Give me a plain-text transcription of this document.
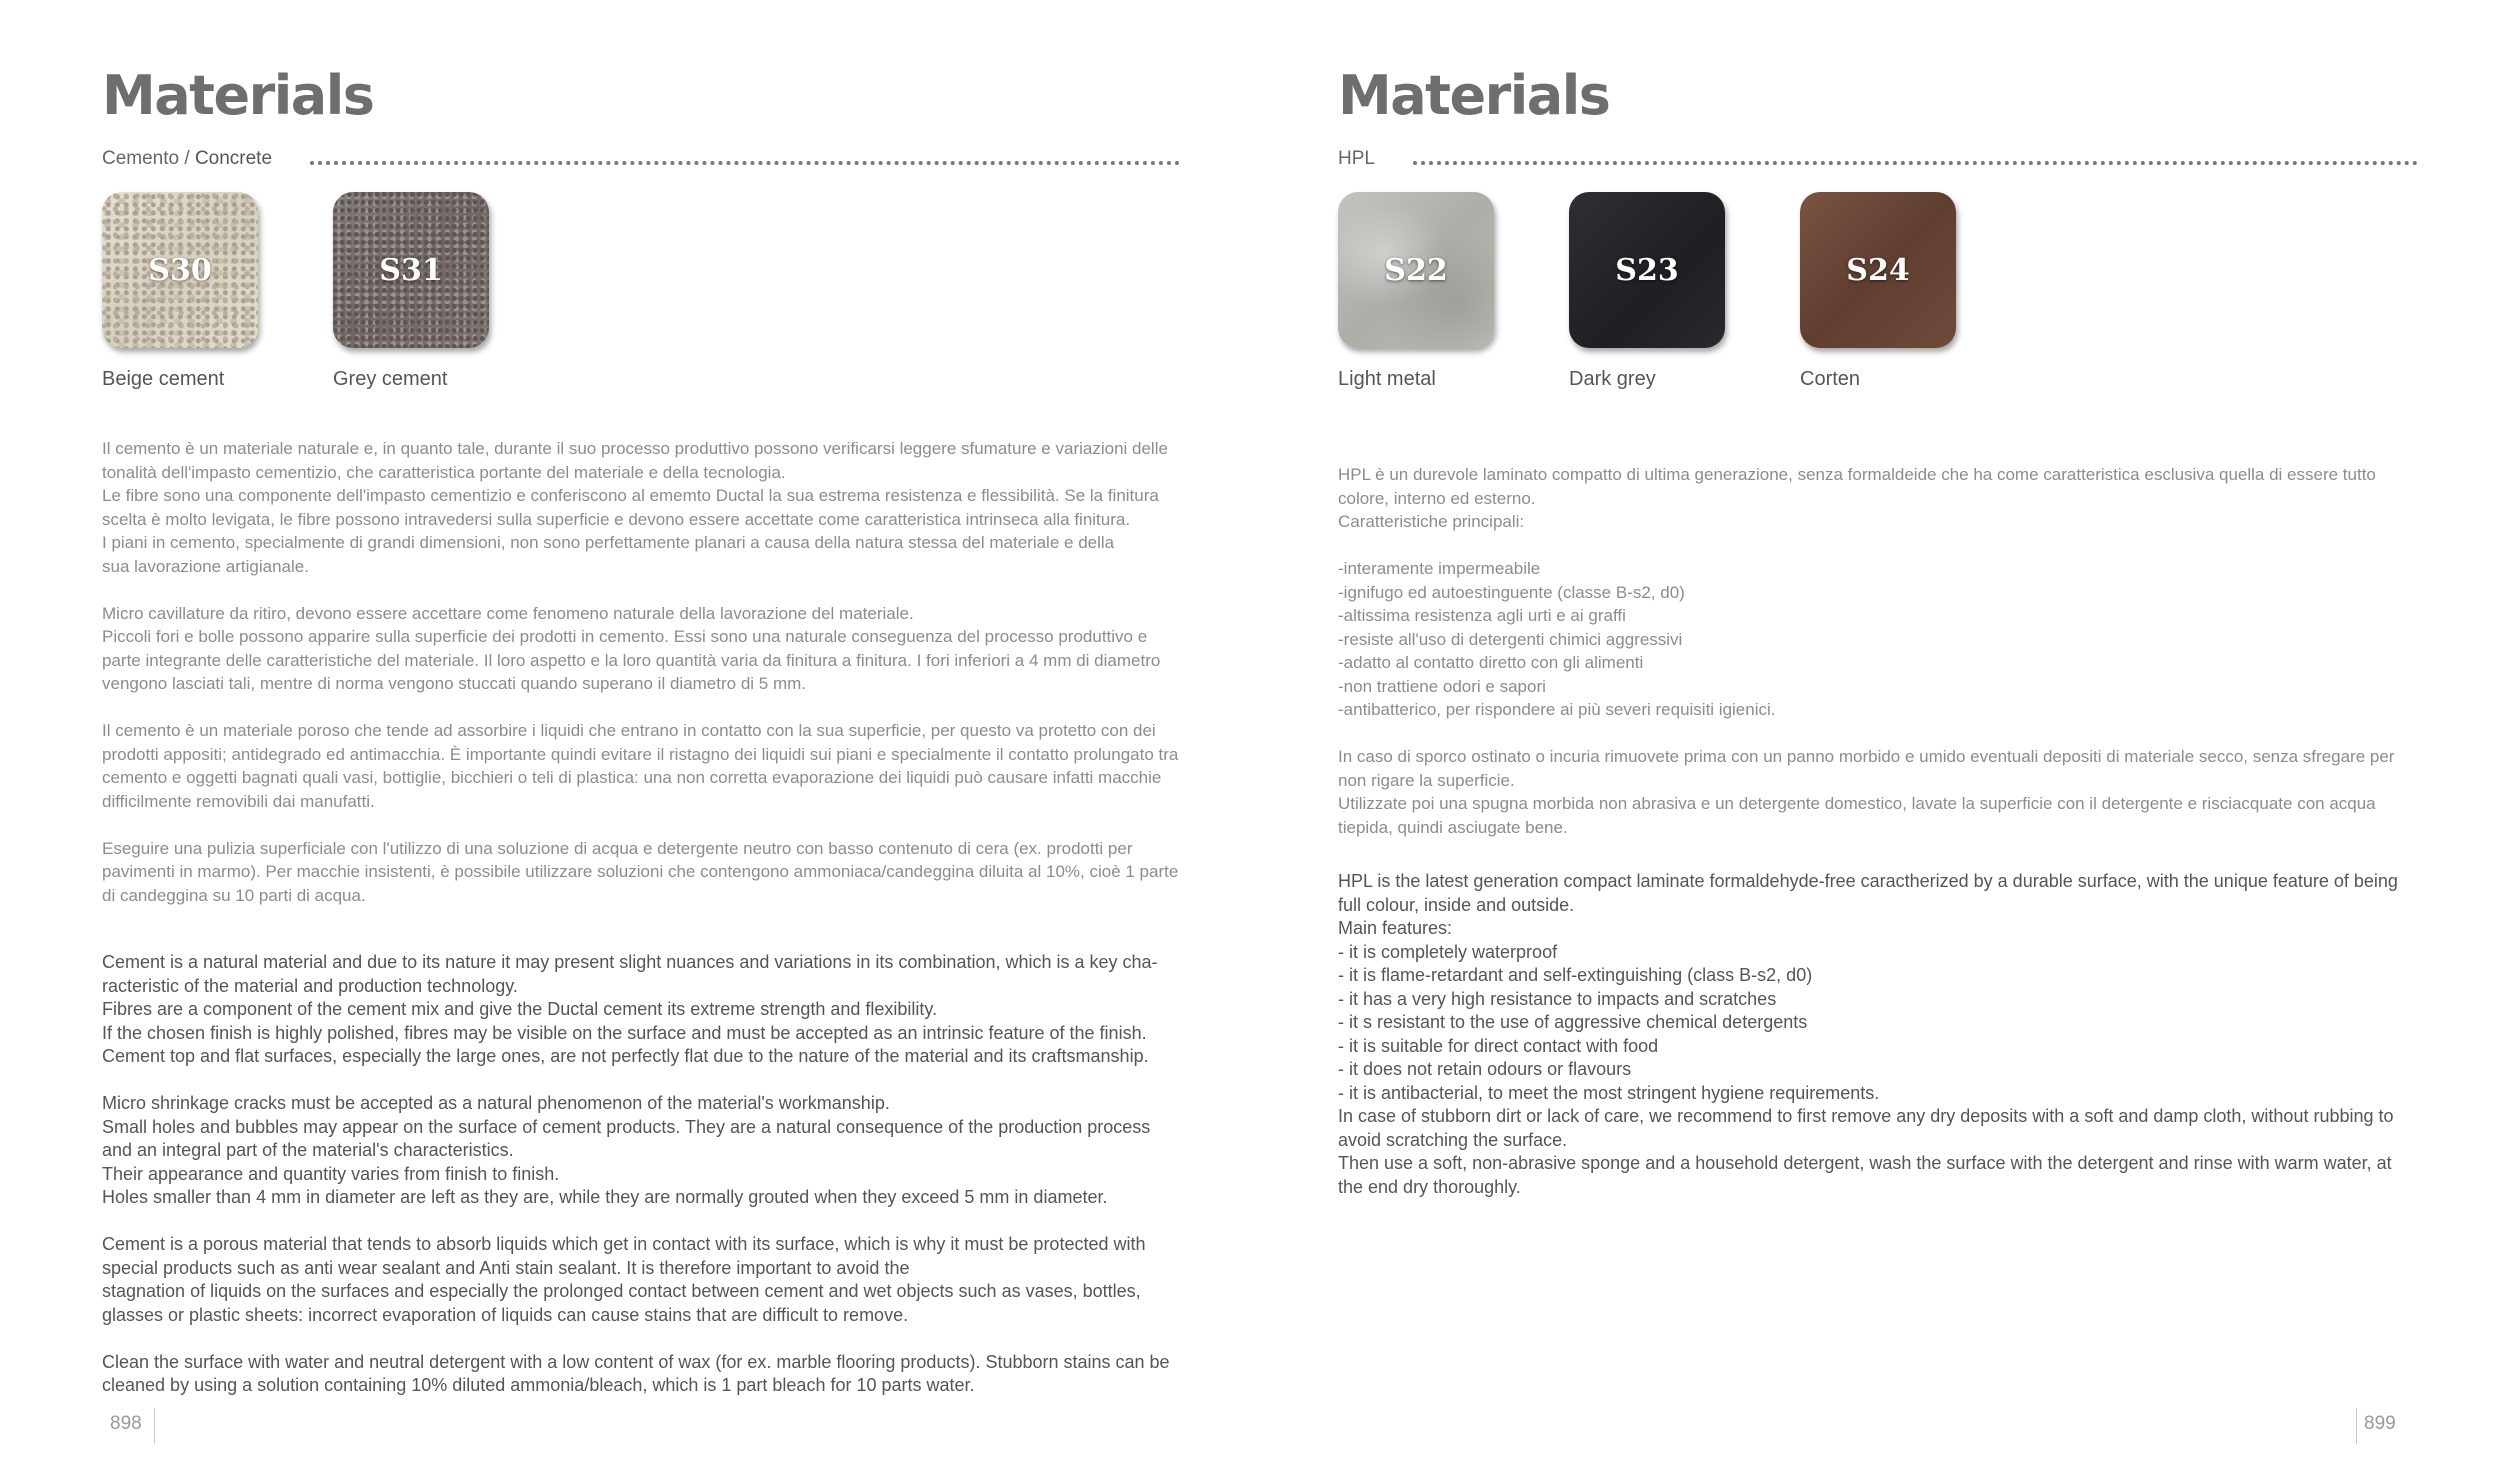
Materials
Cemento / Concrete
S30
Beige cement
S31
Grey cement

Il cemento è un materiale naturale e, in quanto tale, durante il suo processo produttivo possono verificarsi leggere sfumature e variazioni delle
tonalità dell'impasto cementizio, che caratteristica portante del materiale e della tecnologia.
Le fibre sono una componente dell'impasto cementizio e conferiscono al ememto Ductal la sua estrema resistenza e flessibilità. Se la finitura
scelta è molto levigata, le fibre possono intravedersi sulla superficie e devono essere accettate come caratteristica intrinseca alla finitura.
I piani in cemento, specialmente di grandi dimensioni, non sono perfettamente planari a causa della natura stessa del materiale e della
sua lavorazione artigianale.

Micro cavillature da ritiro, devono essere accettare come fenomeno naturale della lavorazione del materiale.
Piccoli fori e bolle possono apparire sulla superficie dei prodotti in cemento. Essi sono una naturale conseguenza del processo produttivo e
parte integrante delle caratteristiche del materiale. Il loro aspetto e la loro quantità varia da finitura a finitura. I fori inferiori a 4 mm di diametro
vengono lasciati tali, mentre di norma vengono stuccati quando superano il diametro di 5 mm.

Il cemento è un materiale poroso che tende ad assorbire i liquidi che entrano in contatto con la sua superficie, per questo va protetto con dei
prodotti appositi; antidegrado ed antimacchia. È importante quindi evitare il ristagno dei liquidi sui piani e specialmente il contatto prolungato tra
cemento e oggetti bagnati quali vasi, bottiglie, bicchieri o teli di plastica: una non corretta evaporazione dei liquidi può causare infatti macchie
difficilmente removibili dai manufatti.

Eseguire una pulizia superficiale con l'utilizzo di una soluzione di acqua e detergente neutro con basso contenuto di cera (ex. prodotti per
pavimenti in marmo). Per macchie insistenti, è possibile utilizzare soluzioni che contengono ammoniaca/candeggina diluita al 10%, cioè 1 parte
di candeggina su 10 parti di acqua.

Cement is a natural material and due to its nature it may present slight nuances and variations in its combination, which is a key cha-
racteristic of the material and production technology.
Fibres are a component of the cement mix and give the Ductal cement its extreme strength and flexibility.
If the chosen finish is highly polished, fibres may be visible on the surface and must be accepted as an intrinsic feature of the finish.
Cement top and flat surfaces, especially the large ones, are not perfectly flat due to the nature of the material and its craftsmanship.

Micro shrinkage cracks must be accepted as a natural phenomenon of the material's workmanship.
Small holes and bubbles may appear on the surface of cement products. They are a natural consequence of the production process
and an integral part of the material's characteristics.
Their appearance and quantity varies from finish to finish.
Holes smaller than 4 mm in diameter are left as they are, while they are normally grouted when they exceed 5 mm in diameter.

Cement is a porous material that tends to absorb liquids which get in contact with its surface, which is why it must be protected with
special products such as anti wear sealant and Anti stain sealant. It is therefore important to avoid the
stagnation of liquids on the surfaces and especially the prolonged contact between cement and wet objects such as vases, bottles,
glasses or plastic sheets: incorrect evaporation of liquids can cause stains that are difficult to remove.

Clean the surface with water and neutral detergent with a low content of wax (for ex. marble flooring products). Stubborn stains can be
cleaned by using a solution containing 10% diluted ammonia/bleach, which is 1 part bleach for 10 parts water.

898
Materials
HPL
S22
Light metal
S23
Dark grey
S24
Corten

HPL è un durevole laminato compatto di ultima generazione, senza formaldeide che ha come caratteristica esclusiva quella di essere tutto
colore, interno ed esterno.
Caratteristiche principali:

-interamente impermeabile
-ignifugo ed autoestinguente (classe B-s2, d0)
-altissima resistenza agli urti e ai graffi
-resiste all'uso di detergenti chimici aggressivi
-adatto al contatto diretto con gli alimenti
-non trattiene odori e sapori
-antibatterico, per rispondere ai più severi requisiti igienici.

In caso di sporco ostinato o incuria rimuovete prima con un panno morbido e umido eventuali depositi di materiale secco, senza sfregare per
non rigare la superficie.
Utilizzate poi una spugna morbida non abrasiva e un detergente domestico, lavate la superficie con il detergente e risciacquate con acqua
tiepida, quindi asciugate bene.

HPL is the latest generation compact laminate formaldehyde-free caractherized by a durable surface, with the unique feature of being
full colour, inside and outside.
Main features:
- it is completely waterproof
- it is flame-retardant and self-extinguishing (class B-s2, d0)
- it has a very high resistance to impacts and scratches
- it s resistant to the use of aggressive chemical detergents
- it is suitable for direct contact with food
- it does not retain odours or flavours
- it is antibacterial, to meet the most stringent hygiene requirements.
In case of stubborn dirt or lack of care, we recommend to first remove any dry deposits with a soft and damp cloth, without rubbing to
avoid scratching the surface.
Then use a soft, non-abrasive sponge and a household detergent, wash the surface with the detergent and rinse with warm water, at
the end dry thoroughly.

899
